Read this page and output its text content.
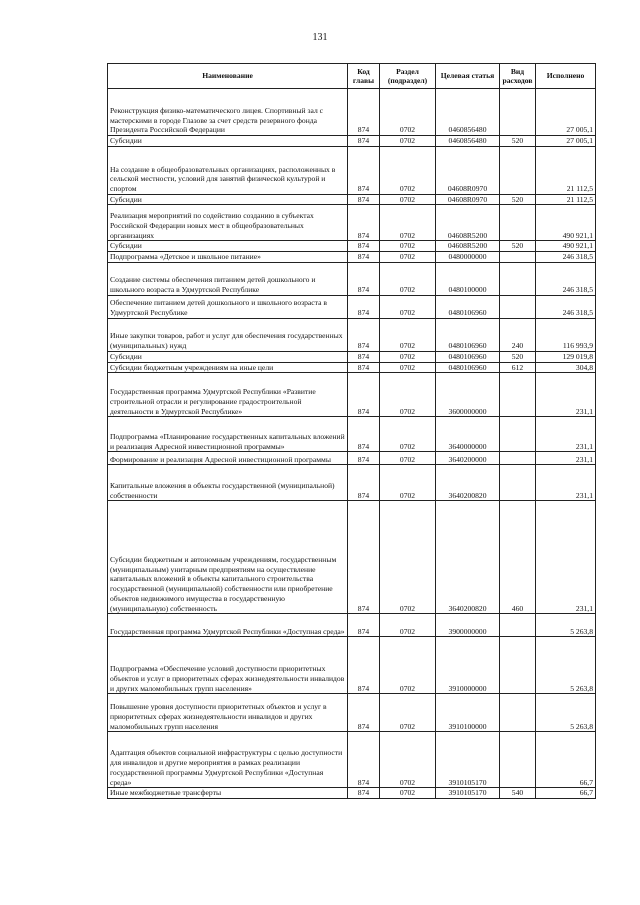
131
Наименование	Код главы	Раздел (подраздел)	Целевая статья	Вид расходов	Исполнено
Реконструкция физико-математического лицея. Спортивный зал с мастерскими в городе Глазове за счет средств резервного фонда Президента Российской Федерации	874	0702	0460856480		27 005,1
Субсидии	874	0702	0460856480	520	27 005,1
На создание в общеобразовательных организациях, расположенных в сельской местности, условий для занятий физической культурой и спортом	874	0702	04608R0970		21 112,5
Субсидии	874	0702	04608R0970	520	21 112,5
Реализация мероприятий по содействию созданию в субъектах Российской Федерации новых мест в общеобразовательных организациях	874	0702	04608R5200		490 921,1
Субсидии	874	0702	04608R5200	520	490 921,1
Подпрограмма «Детское и школьное питание»	874	0702	0480000000		246 318,5
Создание системы обеспечения питанием детей дошкольного и школьного возраста в Удмуртской Республике	874	0702	0480100000		246 318,5
Обеспечение питанием детей дошкольного и школьного возраста в Удмуртской Республике	874	0702	0480106960		246 318,5
Иные закупки товаров, работ и услуг для обеспечения государственных (муниципальных) нужд	874	0702	0480106960	240	116 993,9
Субсидии	874	0702	0480106960	520	129 019,8
Субсидии бюджетным учреждениям на иные цели	874	0702	0480106960	612	304,8
Государственная программа Удмуртской Республики «Развитие строительной отрасли и регулирование градостроительной деятельности в Удмуртской Республике»	874	0702	3600000000		231,1
Подпрограмма «Планирование государственных капитальных вложений и реализация Адресной инвестиционной программы»	874	0702	3640000000		231,1
Формирование и реализация Адресной инвестиционной программы	874	0702	3640200000		231,1
Капитальные вложения в объекты государственной (муниципальной) собственности	874	0702	3640200820		231,1
Субсидии бюджетным и автономным учреждениям, государственным (муниципальным) унитарным предприятиям на осуществление капитальных вложений в объекты капитального строительства государственной (муниципальной) собственности или приобретение объектов недвижимого имущества в государственную (муниципальную) собственность	874	0702	3640200820	460	231,1
Государственная программа Удмуртской Республики «Доступная среда»	874	0702	3900000000		5 263,8
Подпрограмма «Обеспечение условий доступности приоритетных объектов и услуг в приоритетных сферах жизнедеятельности инвалидов и других маломобильных групп населения»	874	0702	3910000000		5 263,8
Повышение уровня доступности приоритетных объектов и услуг в приоритетных сферах жизнедеятельности инвалидов и других маломобильных групп населения	874	0702	3910100000		5 263,8
Адаптация объектов социальной инфраструктуры с целью доступности для инвалидов и другие мероприятия в рамках реализации государственной программы Удмуртской Республики «Доступная среда»	874	0702	3910105170		66,7
Иные межбюджетные трансферты	874	0702	3910105170	540	66,7
